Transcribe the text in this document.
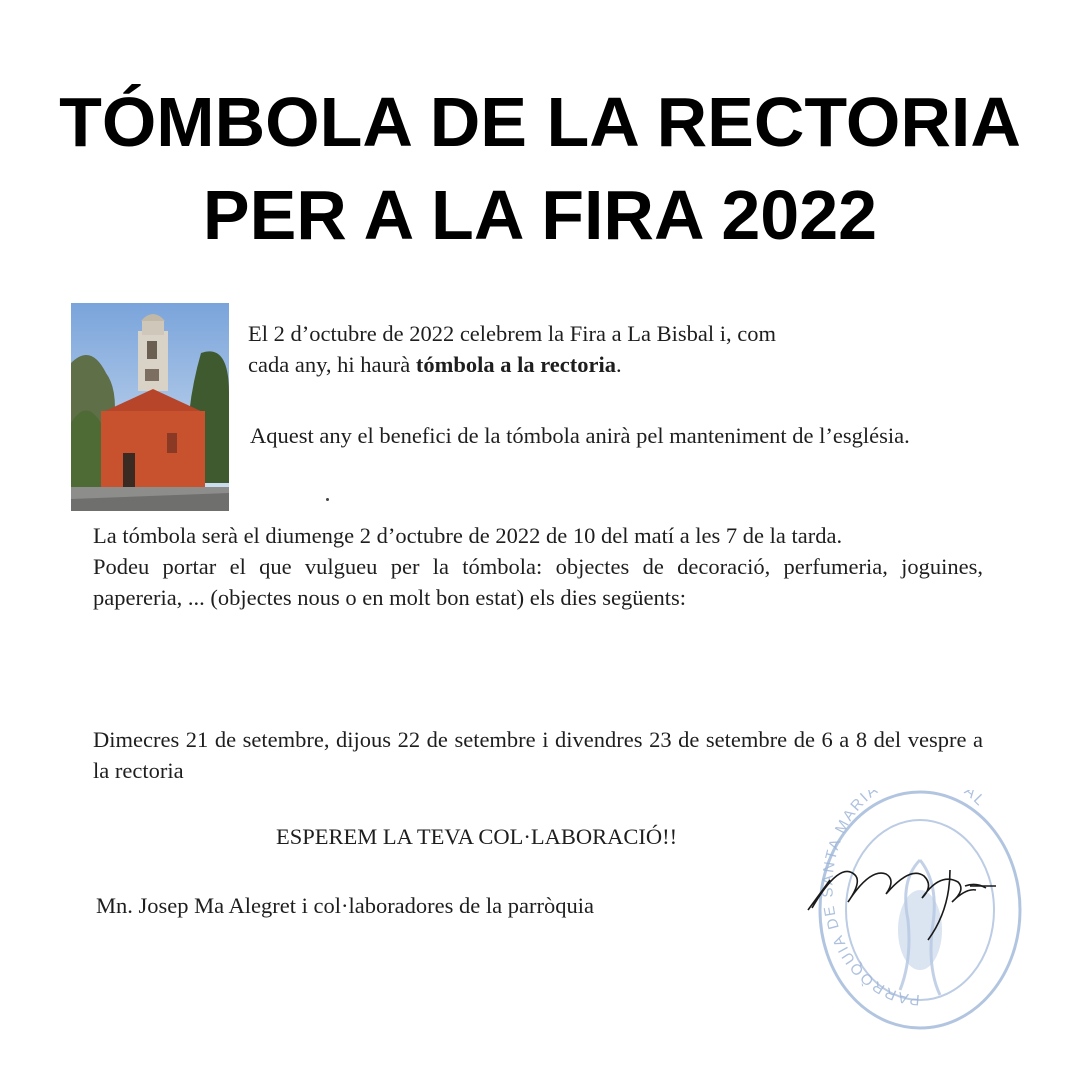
TÓMBOLA DE LA RECTORIA
PER A LA FIRA 2022

El 2 d’octubre de 2022 celebrem la Fira a La Bisbal i, com
cada any, hi haurà tómbola a la rectoria.

Aquest any el benefici de la tómbola anirà pel manteniment de l’església.

La tómbola serà el diumenge 2 d’octubre de 2022 de 10 del matí a les 7 de la tarda.
Podeu portar el que vulgueu per la tómbola: objectes de decoració, perfumeria, joguines, papereria, ... (objectes nous o en molt bon estat) els dies següents:

Dimecres 21 de setembre, dijous 22 de setembre i divendres 23 de setembre de 6 a 8 del vespre a la rectoria

ESPEREM LA TEVA COL·LABORACIÓ!!

Mn. Josep Ma Alegret i col·laboradores de la parròquia

PARRÒQUIA DE SANTA MARIA AL
